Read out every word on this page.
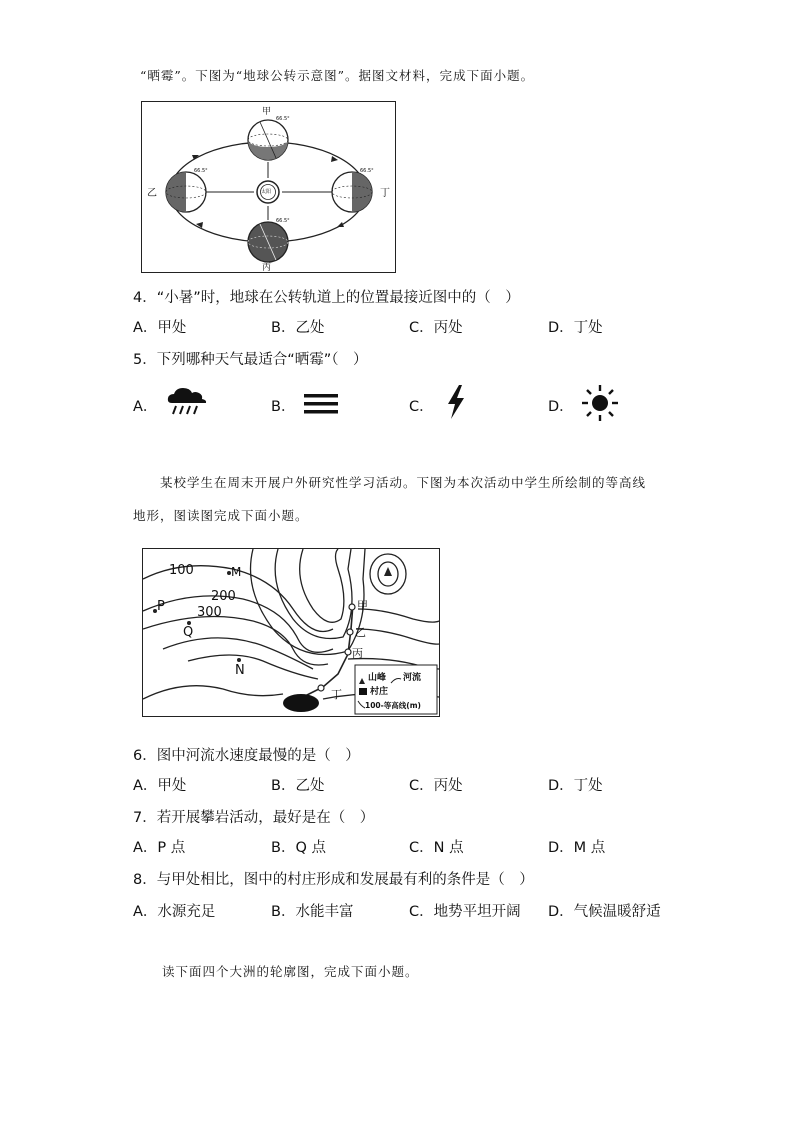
“晒霉”。下图为“地球公转示意图”。据图文材料，完成下面小题。
甲
丙
乙	丁
太阳
66.5°
66.5°
66.5°	66.5°
4．“小暑”时，地球在公转轨道上的位置最接近图中的（　）
A．甲处	B．乙处	C．丙处	D．丁处
5．下列哪种天气最适合“晒霉”（　）
A．	B．	C．	D．
某校学生在周末开展户外研究性学习活动。下图为本次活动中学生所绘制的等高线
地形，图读图完成下面小题。
100
200
300
M
P
Q
N
甲
乙
丙
丁
山峰 河流
村庄
100-等高线(m)
6．图中河流水速度最慢的是（　）
A．甲处	B．乙处	C．丙处	D．丁处
7．若开展攀岩活动，最好是在（　）
A．P 点	B．Q 点	C．N 点	D．M 点
8．与甲处相比，图中的村庄形成和发展最有利的条件是（　）
A．水源充足	B．水能丰富	C．地势平坦开阔 D．气候温暖舒适
读下面四个大洲的轮廓图，完成下面小题。
